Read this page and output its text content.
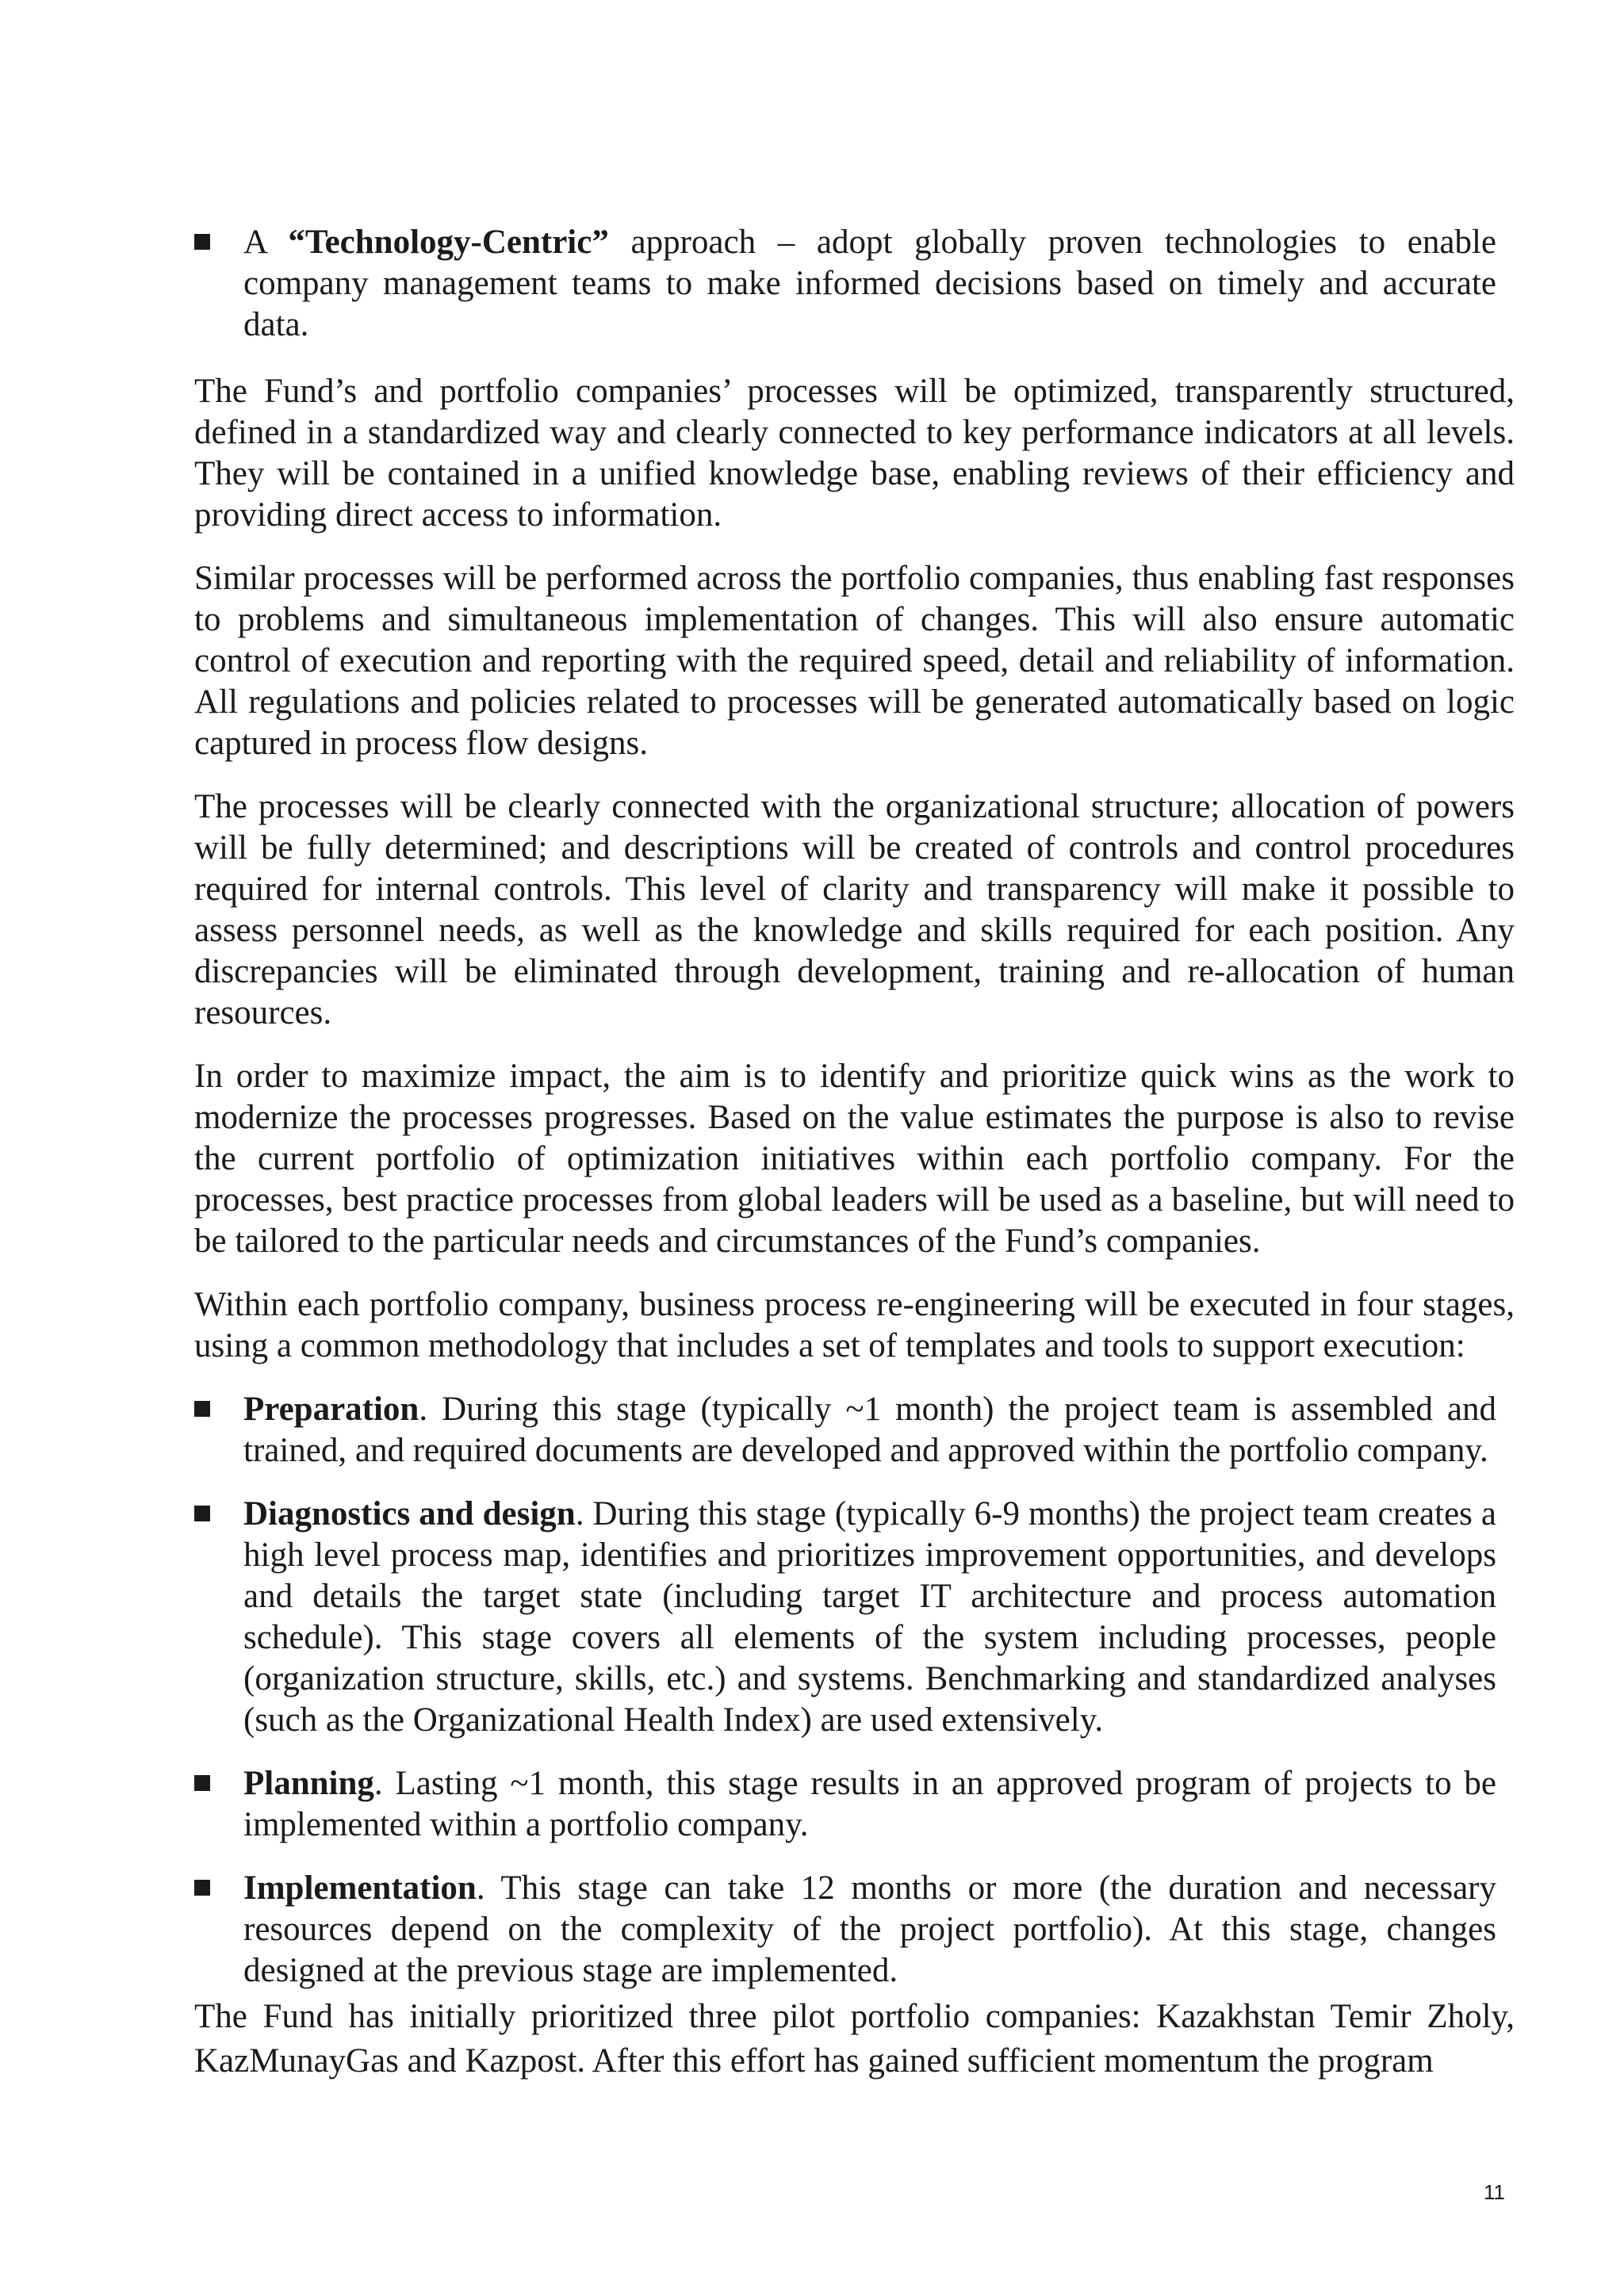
A “Technology-Centric” approach – adopt globally proven technologies to enable company management teams to make informed decisions based on timely and accurate data.

The Fund’s and portfolio companies’ processes will be optimized, transparently structured, defined in a standardized way and clearly connected to key performance indicators at all levels. They will be contained in a unified knowledge base, enabling reviews of their efficiency and providing direct access to information.

Similar processes will be performed across the portfolio companies, thus enabling fast responses to problems and simultaneous implementation of changes. This will also ensure automatic control of execution and reporting with the required speed, detail and reliability of information. All regulations and policies related to processes will be generated automatically based on logic captured in process flow designs.

The processes will be clearly connected with the organizational structure; allocation of powers will be fully determined; and descriptions will be created of controls and control procedures required for internal controls. This level of clarity and transparency will make it possible to assess personnel needs, as well as the knowledge and skills required for each position. Any discrepancies will be eliminated through development, training and re-allocation of human resources.

In order to maximize impact, the aim is to identify and prioritize quick wins as the work to modernize the processes progresses. Based on the value estimates the purpose is also to revise the current portfolio of optimization initiatives within each portfolio company. For the processes, best practice processes from global leaders will be used as a baseline, but will need to be tailored to the particular needs and circumstances of the Fund’s companies.

Within each portfolio company, business process re-engineering will be executed in four stages, using a common methodology that includes a set of templates and tools to support execution:

Preparation. During this stage (typically ~1 month) the project team is assembled and trained, and required documents are developed and approved within the portfolio company.
Diagnostics and design. During this stage (typically 6-9 months) the project team creates a high level process map, identifies and prioritizes improvement opportunities, and develops and details the target state (including target IT architecture and process automation schedule). This stage covers all elements of the system including processes, people (organization structure, skills, etc.) and systems. Benchmarking and standardized analyses (such as the Organizational Health Index) are used extensively.
Planning. Lasting ~1 month, this stage results in an approved program of projects to be implemented within a portfolio company.
Implementation. This stage can take 12 months or more (the duration and necessary resources depend on the complexity of the project portfolio). At this stage, changes designed at the previous stage are implemented.

The Fund has initially prioritized three pilot portfolio companies: Kazakhstan Temir Zholy, KazMunayGas and Kazpost. After this effort has gained sufficient momentum the program

11
